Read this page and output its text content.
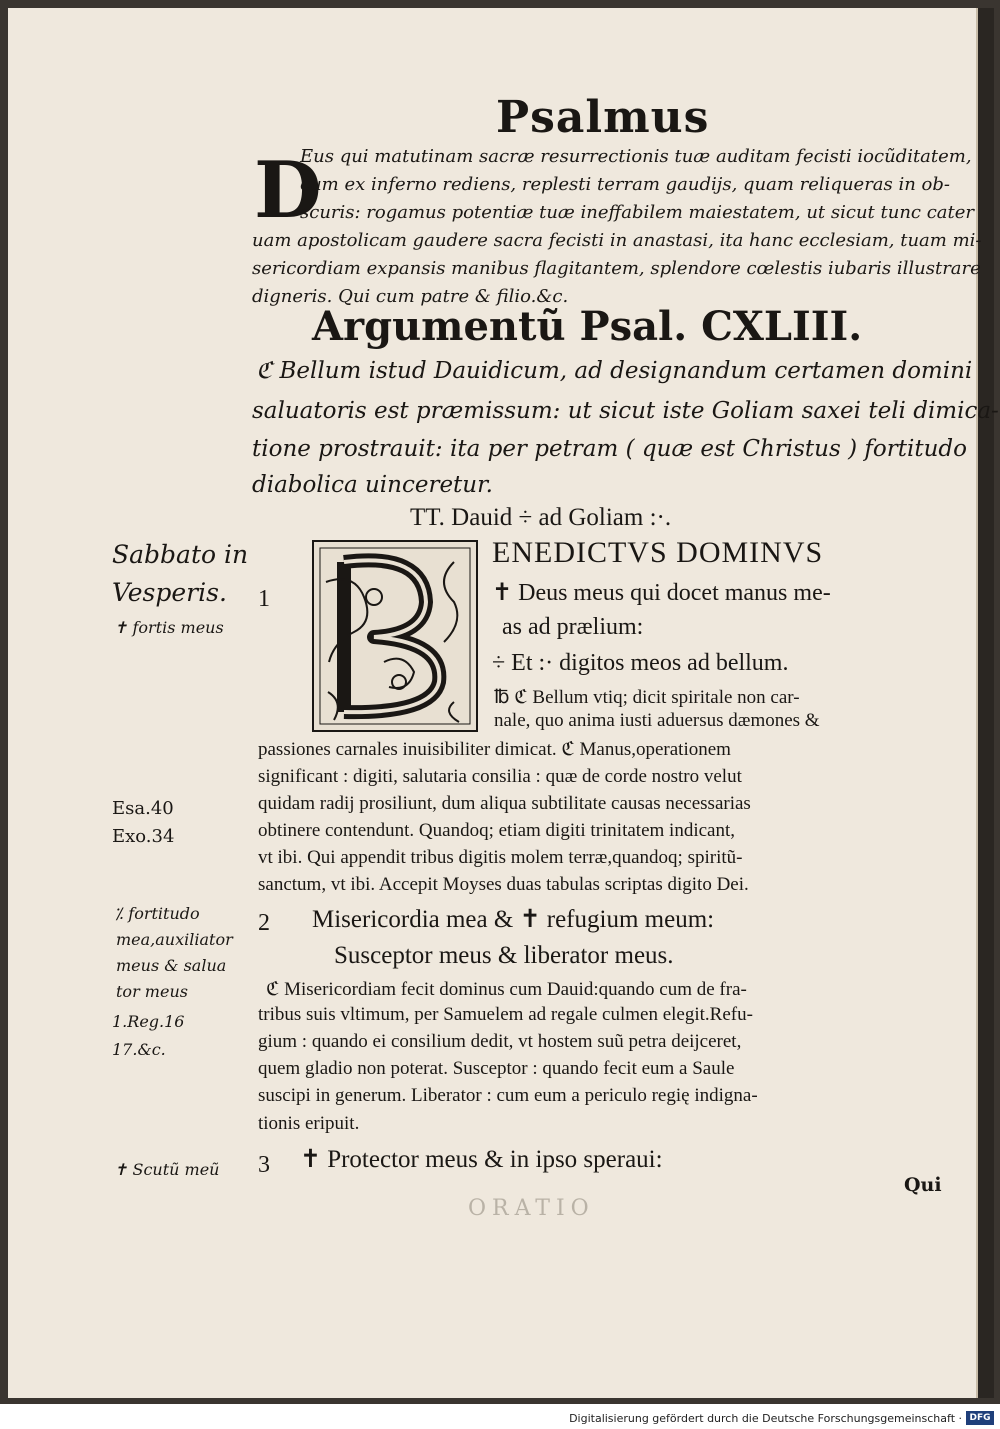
Psalmus
D
Eus qui matutinam sacræ resurrectionis tuæ auditam fecisti iocũditatem,
cum ex inferno rediens, replesti terram gaudijs, quam reliqueras in ob-
scuris: rogamus potentiæ tuæ ineffabilem maiestatem, ut sicut tunc cater
uam apostolicam gaudere sacra fecisti in anastasi, ita hanc ecclesiam, tuam mi-
sericordiam expansis manibus flagitantem, splendore cœlestis iubaris illustrare
digneris. Qui cum patre & filio.&c.
Argumentũ Psal. CXLIII.
ℭ Bellum istud Dauidicum, ad designandum certamen domini
saluatoris est præmissum: ut sicut iste Goliam saxei teli dimica-
tione prostrauit: ita per petram ( quæ est Christus ) fortitudo
diabolica uinceretur.
TT. Dauid ÷ ad Goliam :·.
ENEDICTVS DOMINVS
1	✝ Deus meus qui docet manus me-
as ad prælium:
÷ Et :· digitos meos ad bellum.
℔ ℭ Bellum vtiq; dicit spiritale non car-
nale, quo anima iusti aduersus dæmones &
passiones carnales inuisibiliter dimicat. ℭ Manus,operationem
significant : digiti, salutaria consilia : quæ de corde nostro velut
quidam radij prosiliunt, dum aliqua subtilitate causas necessarias
obtinere contendunt. Quandoq; etiam digiti trinitatem indicant,
vt ibi. Qui appendit tribus digitis molem terræ,quandoq; spiritũ-
sanctum, vt ibi. Accepit Moyses duas tabulas scriptas digito Dei.
2 Misericordia mea & ✝ refugium meum:
Susceptor meus & liberator meus.
ℭ Misericordiam fecit dominus cum Dauid:quando cum de fra-
tribus suis vltimum, per Samuelem ad regale culmen elegit.Refu-
gium : quando ei consilium dedit, vt hostem suũ petra deijceret,
quem gladio non poterat. Susceptor : quando fecit eum a Saule
suscipi in generum. Liberator : cum eum a periculo regię indigna-
tionis eripuit.
3 ✝ Protector meus & in ipso speraui:
ORATIO
Qui
Sabbato in
Vesperis.
✝ fortis meus
Esa.40
Exo.34
⁒ fortitudo
mea,auxiliator
meus & salua
tor meus
1.Reg.16
17.&c.
✝ Scutũ meũ
Digitalisierung gefördert durch die Deutsche Forschungsgemeinschaft · DFG
